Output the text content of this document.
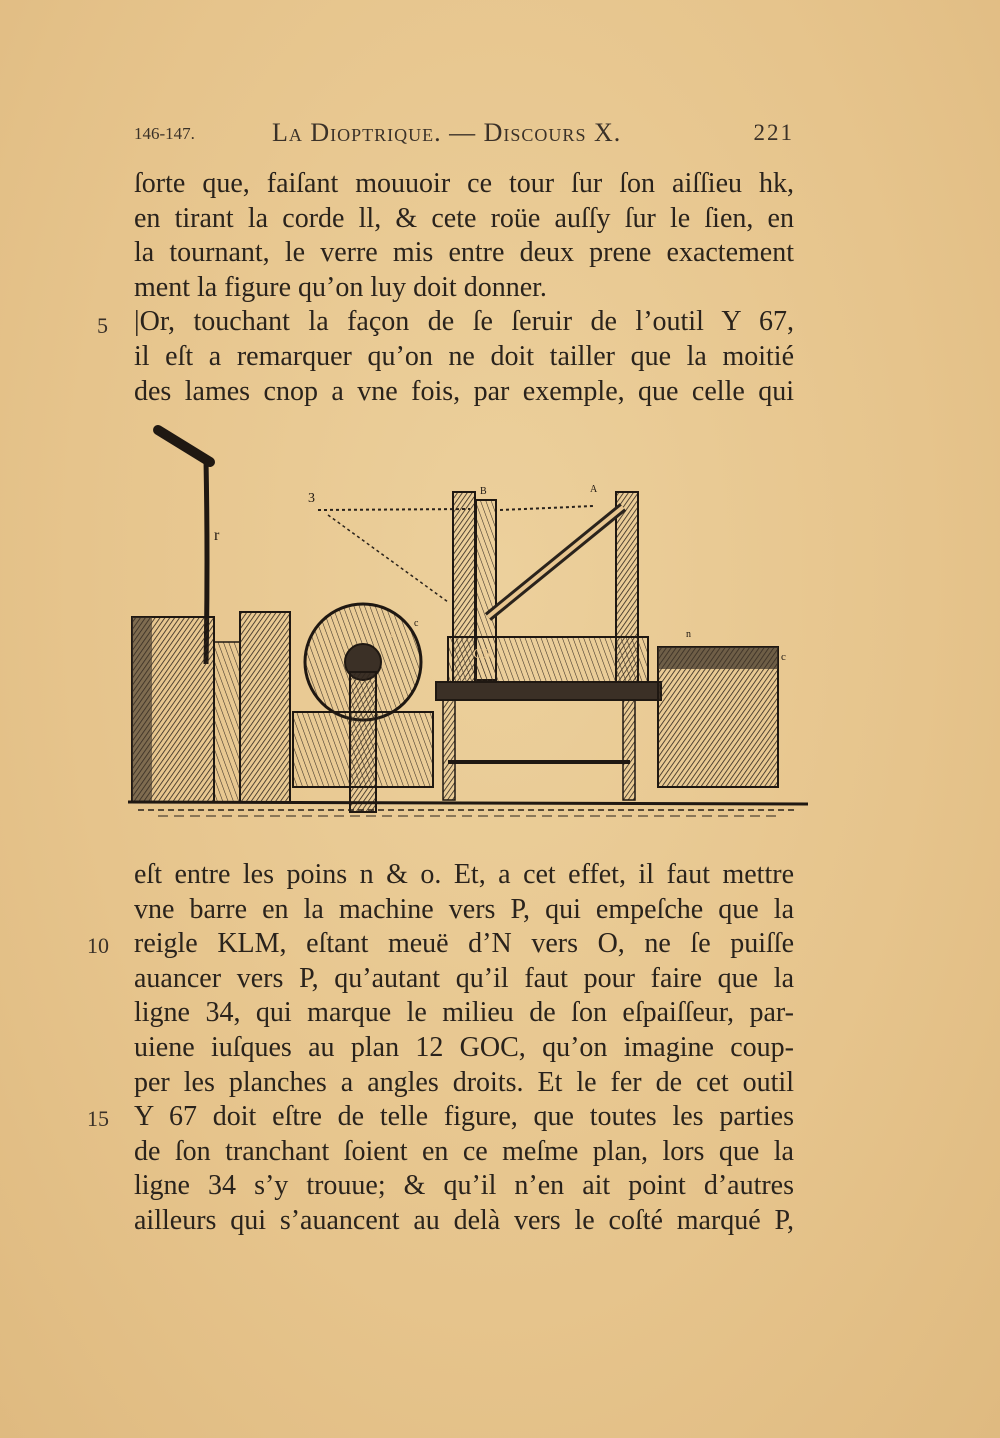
146-147.	La Dioptrique. — Discours X.	221
ſorte que, faiſant mouuoir ce tour ſur ſon aiſſieu hk,
en tirant la corde ll, & cete roüe auſſy ſur le ſien, en
la tournant, le verre mis entre deux prene exactement
ment la figure qu’on luy doit donner.
|Or, touchant la façon de ſe ſeruir de l’outil Y 67,
il eſt a remarquer qu’on ne doit tailler que la moitié
des lames cnop a vne fois, par exemple, que celle qui
5
3	B	A
r
GR
c
c
n
a
eſt entre les poins n & o. Et, a cet effet, il faut mettre
vne barre en la machine vers P, qui empeſche que la
reigle KLM, eſtant meuë d’N vers O, ne ſe puiſſe
auancer vers P, qu’autant qu’il faut pour faire que la
ligne 34, qui marque le milieu de ſon eſpaiſſeur, par-
uiene iuſques au plan 12 GOC, qu’on imagine coup-
per les planches a angles droits. Et le fer de cet outil
Y 67 doit eſtre de telle figure, que toutes les parties
de ſon tranchant ſoient en ce meſme plan, lors que la
ligne 34 s’y trouue; & qu’il n’en ait point d’autres
ailleurs qui s’auancent au delà vers le coſté marqué P,
10
15
